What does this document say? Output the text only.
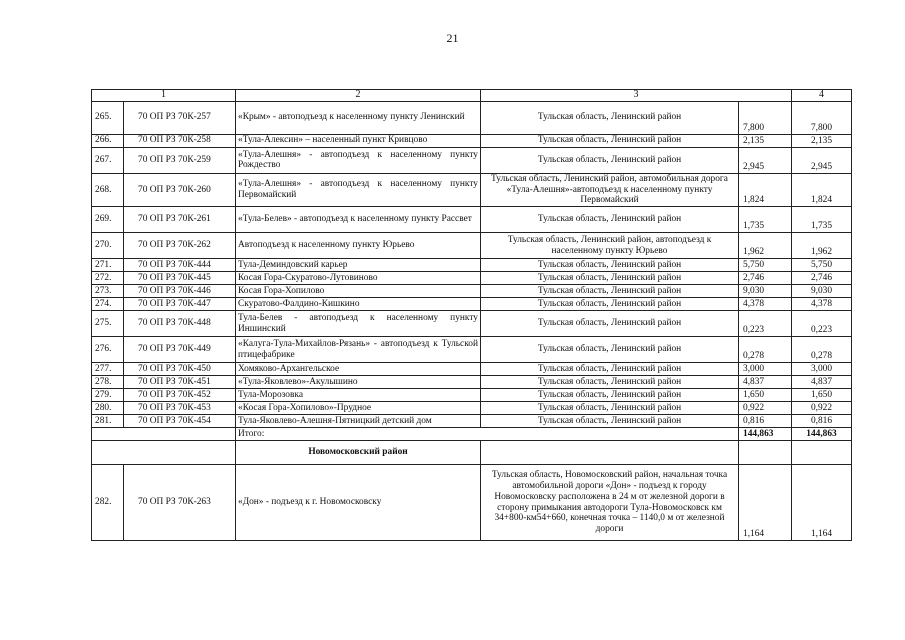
21
1		2	3		4
265.	70 ОП РЗ 70К-257	«Крым» - автоподъезд к населенному пункту Ленинский	Тульская область, Ленинский район	7,800	7,800
266.	70 ОП РЗ 70К-258	«Тула-Алексин» – населенный пункт Кривцово	Тульская область, Ленинский район	2,135	2,135
267.	70 ОП РЗ 70К-259	«Тула-Алешня» - автоподъезд к населенному пункту Рождество	Тульская область, Ленинский район	2,945	2,945
268.	70 ОП РЗ 70К-260	«Тула-Алешня» - автоподъезд к населенному пункту Первомайский	Тульская область, Ленинский район, автомобильная дорога «Тула-Алешня»-автоподъезд к населенному пункту Первомайский	1,824	1,824
269.	70 ОП РЗ 70К-261	«Тула-Белев» - автоподъезд к населенному пункту Рассвет	Тульская область, Ленинский район	1,735	1,735
270.	70 ОП РЗ 70К-262	Автоподъезд к населенному пункту Юрьево	Тульская область, Ленинский район, автоподъезд к населенному пункту Юрьево	1,962	1,962
271.	70 ОП РЗ 70К-444	Тула-Деминдовский карьер	Тульская область, Ленинский район	5,750	5,750
272.	70 ОП РЗ 70К-445	Косая Гора-Скуратово-Лутовиново	Тульская область, Ленинский район	2,746	2,746
273.	70 ОП РЗ 70К-446	Косая Гора-Хопилово	Тульская область, Ленинский район	9,030	9,030
274.	70 ОП РЗ 70К-447	Скуратово-Фалдино-Кишкино	Тульская область, Ленинский район	4,378	4,378
275.	70 ОП РЗ 70К-448	Тула-Белев - автоподъезд к населенному пункту Иншинский	Тульская область, Ленинский район	0,223	0,223
276.	70 ОП РЗ 70К-449	«Калуга-Тула-Михайлов-Рязань» - автоподъезд к Тульской птицефабрике	Тульская область, Ленинский район	0,278	0,278
277.	70 ОП РЗ 70К-450	Хомяково-Архангельское	Тульская область, Ленинский район	3,000	3,000
278.	70 ОП РЗ 70К-451	«Тула-Яковлево»-Акулышино	Тульская область, Ленинский район	4,837	4,837
279.	70 ОП РЗ 70К-452	Тула-Морозовка	Тульская область, Ленинский район	1,650	1,650
280.	70 ОП РЗ 70К-453	«Косая Гора-Хопилово»-Прудное	Тульская область, Ленинский район	0,922	0,922
281.	70 ОП РЗ 70К-454	Тула-Яковлево-Алешня-Пятницкий детский дом	Тульская область, Ленинский район	0,816	0,816
		Итого:		144,863	144,863
		Новомосковский район			
282.	70 ОП РЗ 70К-263	«Дон» - подъезд к г. Новомосковску	Тульская область, Новомосковский район, начальная точка автомобильной дороги «Дон» - подъезд к городу Новомосковску расположена в 24 м от железной дороги в сторону примыкания автодороги Тула-Новомосковск км 34+800-км54+660, конечная точка – 1140,0 м от железной дороги	1,164	1,164
